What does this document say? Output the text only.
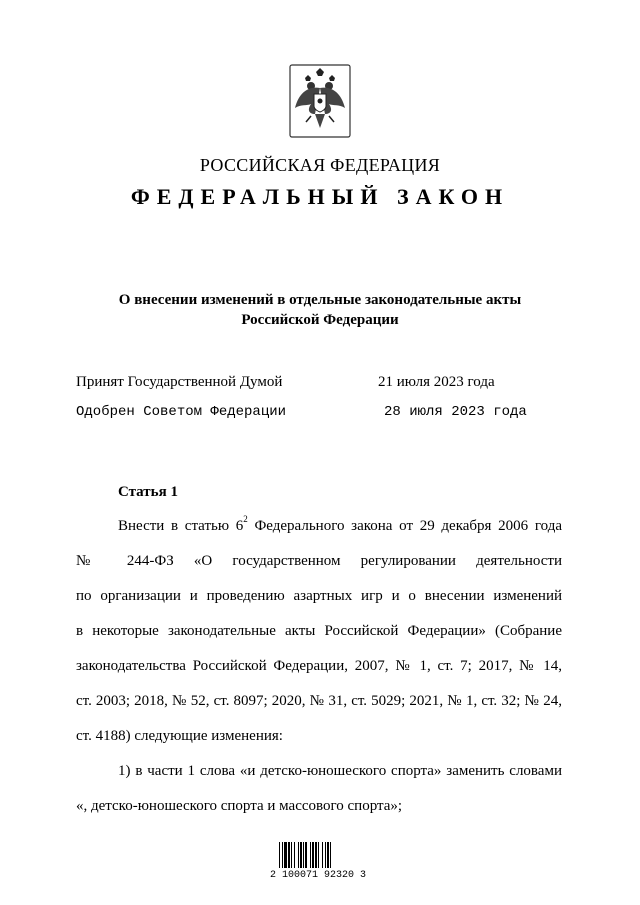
РОССИЙСКАЯ ФЕДЕРАЦИЯ
ФЕДЕРАЛЬНЫЙ ЗАКОН
О внесении изменений в отдельные законодательные акты
Российской Федерации
Принят Государственной Думой	21 июля 2023 года
Одобрен Советом Федерации	28 июля 2023 года
Статья 1
Внести в статью $6^2$ Федерального закона от 29 декабря 2006 года
№ 244-ФЗ «О государственном регулировании деятельности
по организации и проведению азартных игр и о внесении изменений
в некоторые законодательные акты Российской Федерации» (Собрание
законодательства Российской Федерации, 2007, № 1, ст. 7; 2017, № 14,
ст. 2003; 2018, № 52, ст. 8097; 2020, № 31, ст. 5029; 2021, № 1, ст. 32; № 24,
ст. 4188) следующие изменения:
1) в части 1 слова «и детско-юношеского спорта» заменить словами
«, детско-юношеского спорта и массового спорта»;
2 100071 92320 3
